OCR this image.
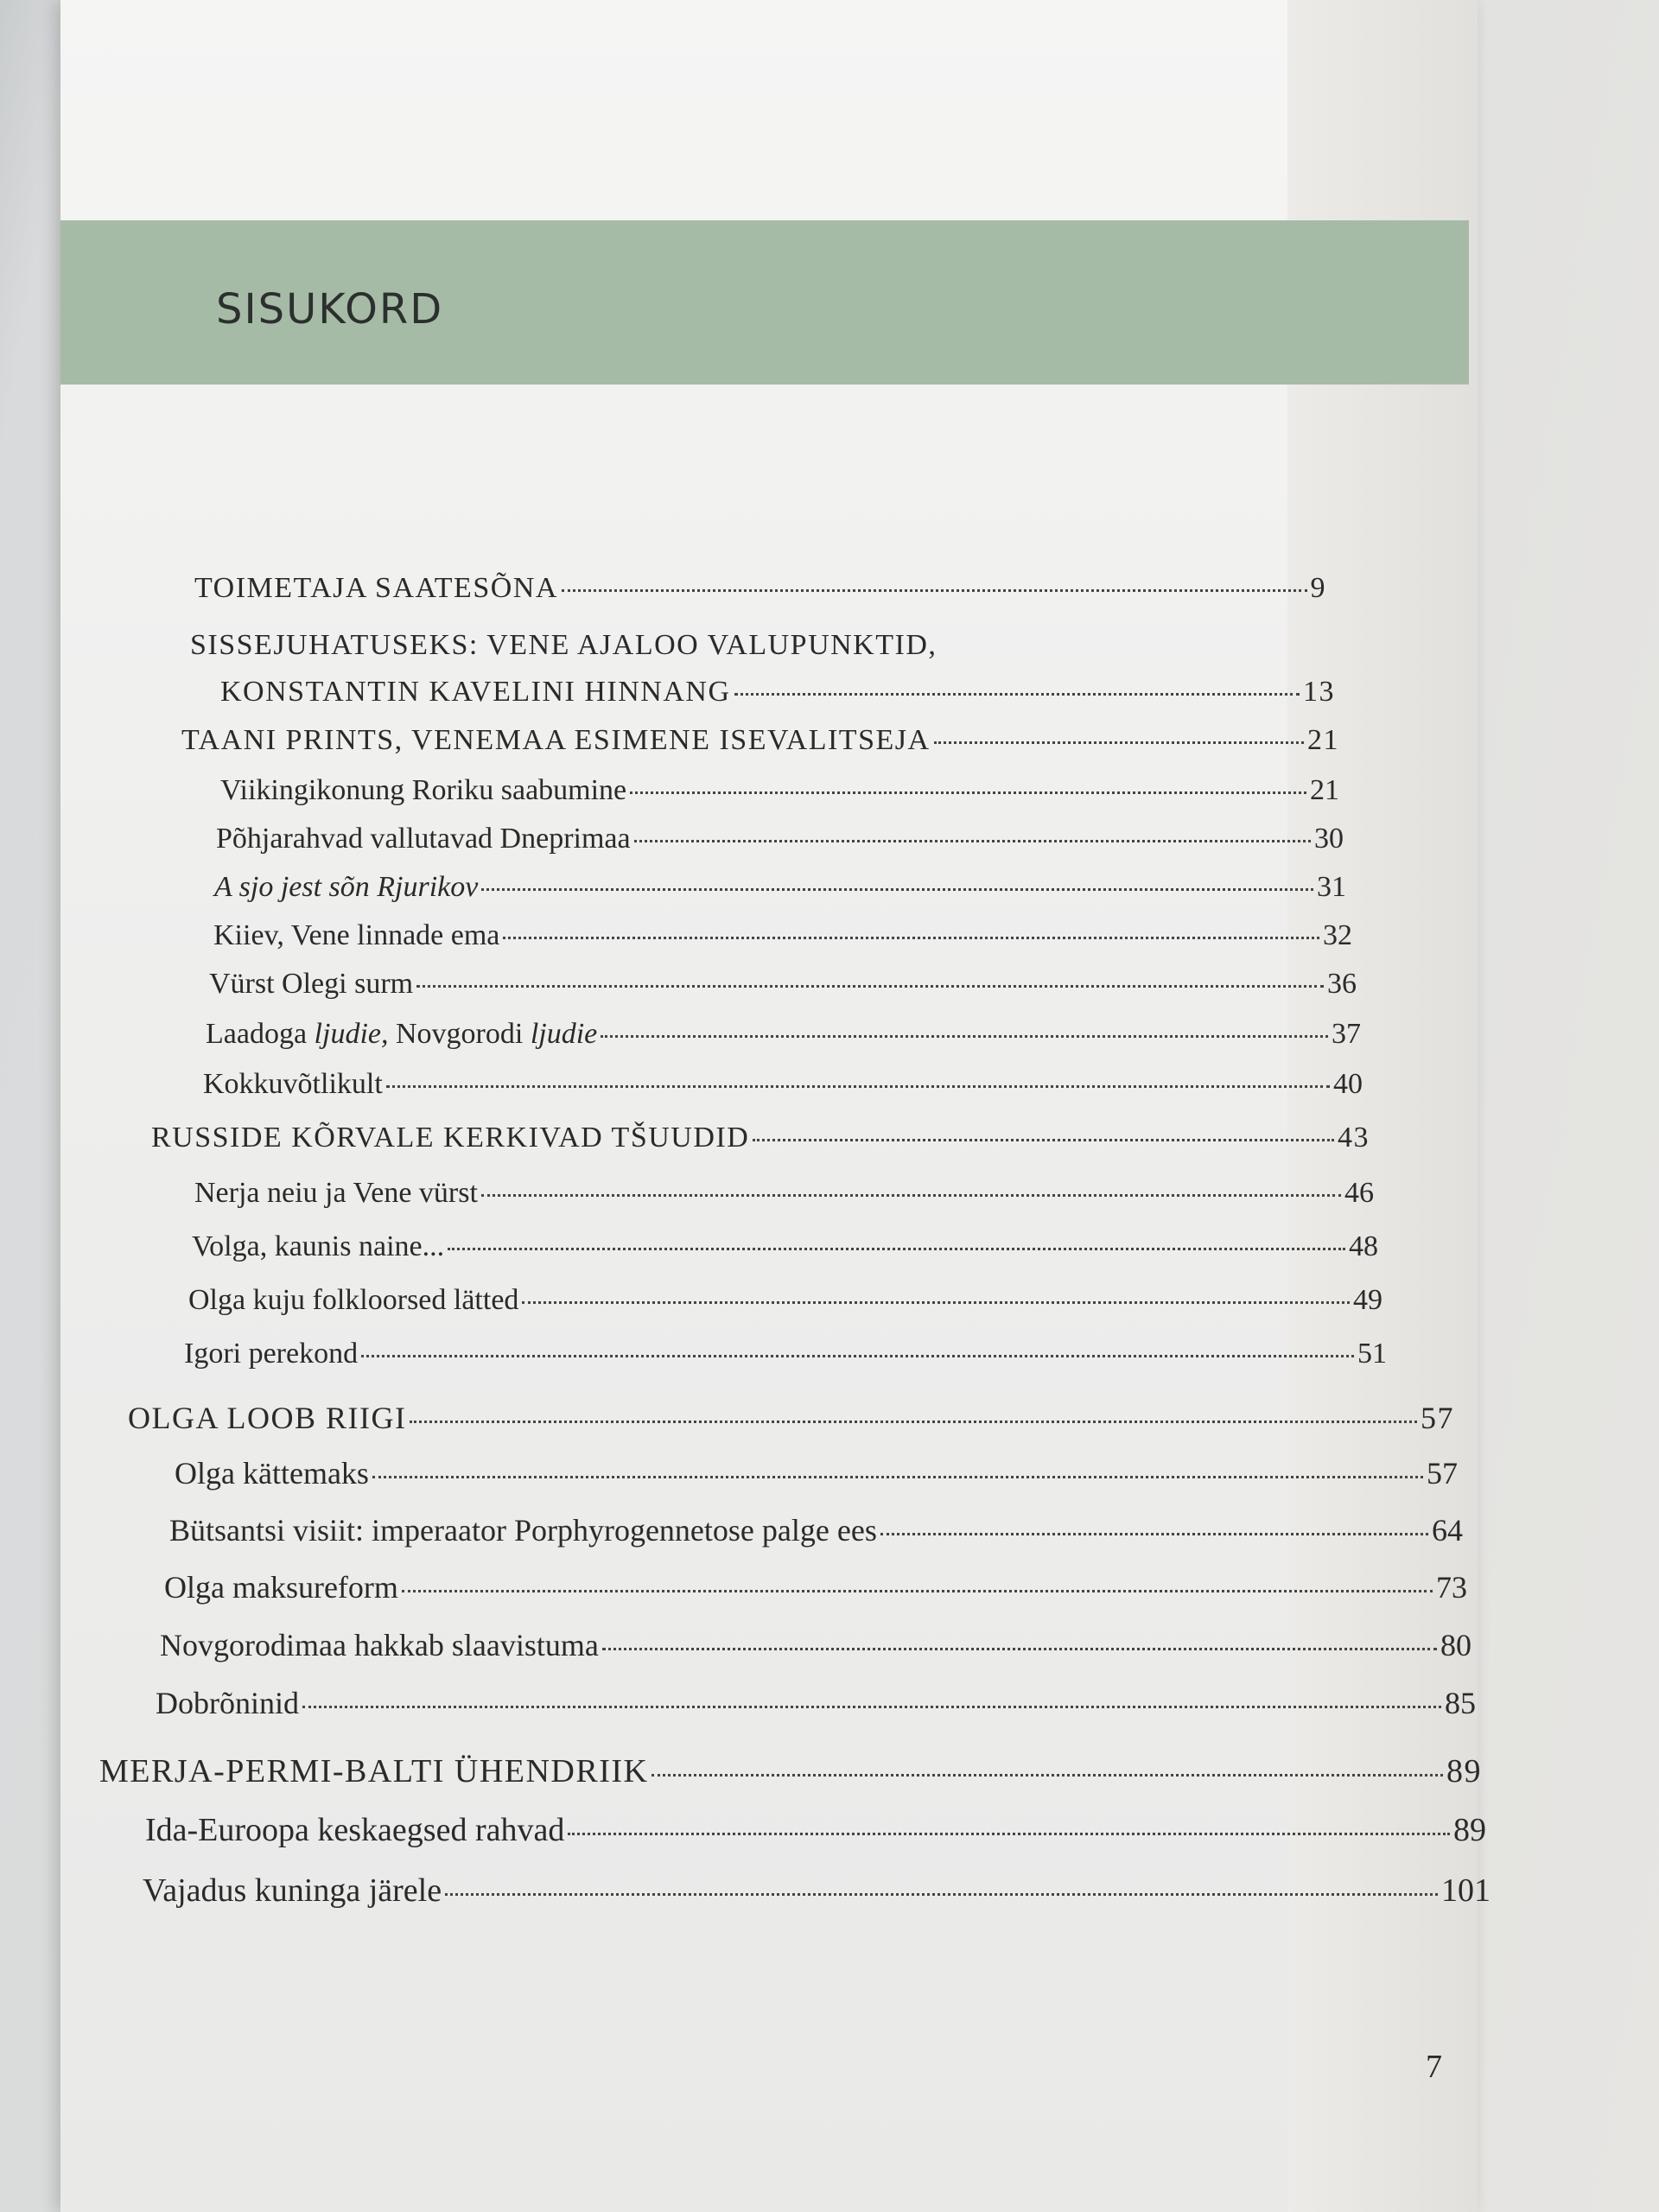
SISUKORD
TOIMETAJA SAATESÕNA	9
SISSEJUHATUSEKS: VENE AJALOO VALUPUNKTID,
KONSTANTIN KAVELINI HINNANG	13
TAANI PRINTS, VENEMAA ESIMENE ISEVALITSEJA	21
Viikingikonung Roriku saabumine	21
Põhjarahvad vallutavad Dneprimaa	30
A sjo jest sõn Rjurikov	31
Kiiev, Vene linnade ema	32
Vürst Olegi surm	36
Laadoga ljudie, Novgorodi ljudie	37
Kokkuvõtlikult	40
RUSSIDE KÕRVALE KERKIVAD TŠUUDID	43
Nerja neiu ja Vene vürst	46
Volga, kaunis naine...	48
Olga kuju folkloorsed lätted	49
Igori perekond	51
OLGA LOOB RIIGI	57
Olga kättemaks	57
Bütsantsi visiit: imperaator Porphyrogennetose palge ees	64
Olga maksureform	73
Novgorodimaa hakkab slaavistuma	80
Dobrõninid	85
MERJA-PERMI-BALTI ÜHENDRIIK	89
Ida-Euroopa keskaegsed rahvad	89
Vajadus kuninga järele	101
7
